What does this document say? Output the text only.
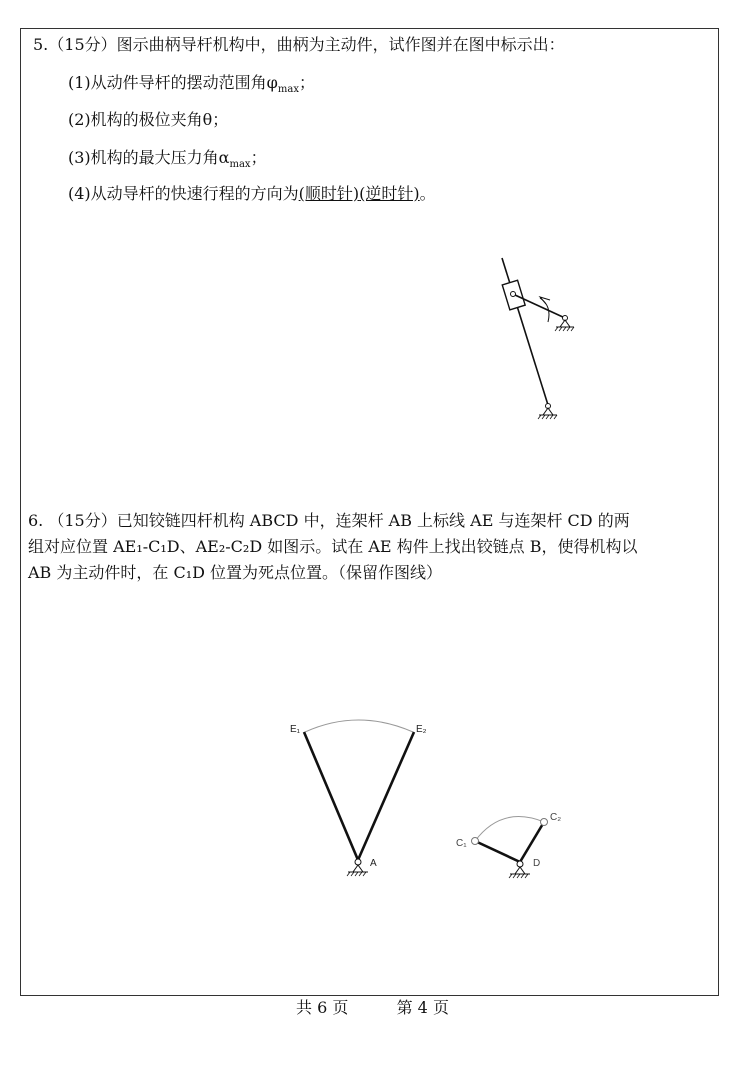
5.（15分）图示曲柄导杆机构中，曲柄为主动件，试作图并在图中标示出：
(1)从动件导杆的摆动范围角$\varphi_{max}$；
(2)机构的极位夹角θ；
(3)机构的最大压力角$\alpha_{max}$；
(4)从动导杆的快速行程的方向为(顺时针)(逆时针)。
6. （15分）已知铰链四杆机构 ABCD 中，连架杆 AB 上标线 AE 与连架杆 CD 的两
组对应位置 AE₁-C₁D、AE₂-C₂D 如图示。试在 AE 构件上找出铰链点 B，使得机构以
AB 为主动件时，在 C₁D 位置为死点位置。（保留作图线）
E₁	E₂
A
C₁
C₂
D
共 6 页	第 4 页
